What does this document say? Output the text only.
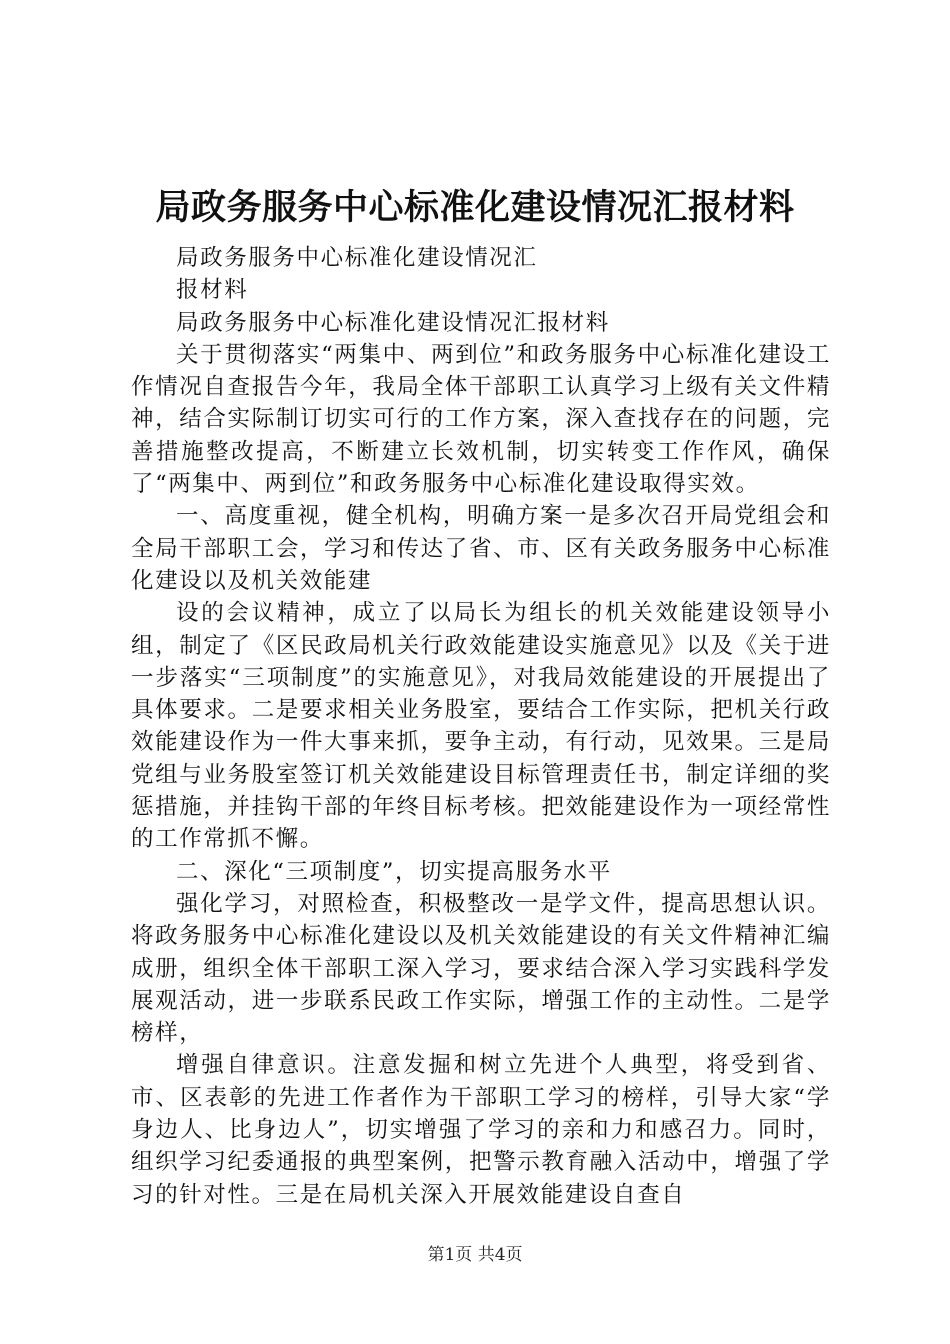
局政务服务中心标准化建设情况汇报材料

局政务服务中心标准化建设情况汇

报材料

局政务服务中心标准化建设情况汇报材料

关于贯彻落实“两集中、两到位”和政务服务中心标准化建设工作情况自查报告今年，我局全体干部职工认真学习上级有关文件精神，结合实际制订切实可行的工作方案，深入查找存在的问题，完善措施整改提高，不断建立长效机制，切实转变工作作风，确保了“两集中、两到位”和政务服务中心标准化建设取得实效。

一、高度重视，健全机构，明确方案一是多次召开局党组会和全局干部职工会，学习和传达了省、市、区有关政务服务中心标准化建设以及机关效能建

设的会议精神，成立了以局长为组长的机关效能建设领导小组，制定了《区民政局机关行政效能建设实施意见》以及《关于进一步落实“三项制度”的实施意见》，对我局效能建设的开展提出了具体要求。二是要求相关业务股室，要结合工作实际，把机关行政效能建设作为一件大事来抓，要争主动，有行动，见效果。三是局党组与业务股室签订机关效能建设目标管理责任书，制定详细的奖惩措施，并挂钩干部的年终目标考核。把效能建设作为一项经常性的工作常抓不懈。

二、深化“三项制度”，切实提高服务水平

强化学习，对照检查，积极整改一是学文件，提高思想认识。将政务服务中心标准化建设以及机关效能建设的有关文件精神汇编成册，组织全体干部职工深入学习，要求结合深入学习实践科学发展观活动，进一步联系民政工作实际，增强工作的主动性。二是学榜样，

增强自律意识。注意发掘和树立先进个人典型，将受到省、市、区表彰的先进工作者作为干部职工学习的榜样，引导大家“学身边人、比身边人”，切实增强了学习的亲和力和感召力。同时，组织学习纪委通报的典型案例，把警示教育融入活动中，增强了学习的针对性。三是在局机关深入开展效能建设自查自

第1页 共4页
